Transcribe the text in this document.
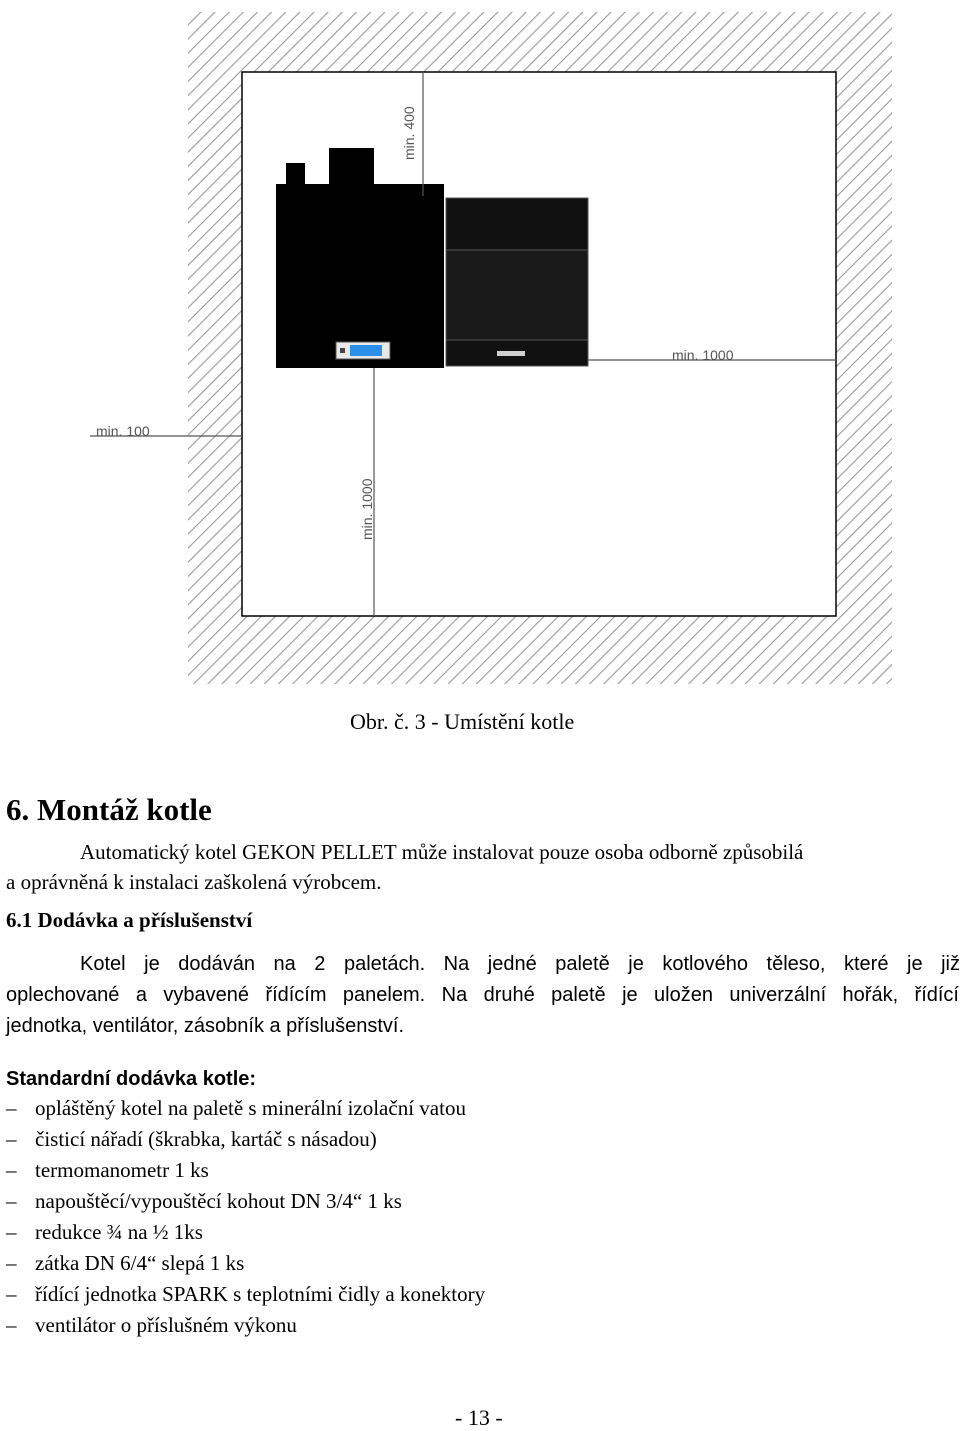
min. 400
min. 1000
min. 100
min. 1000
Obr. č. 3 - Umístění kotle
6. Montáž kotle
Automatický kotel GEKON PELLET může instalovat pouze osoba odborně způsobilá
a oprávněná k instalaci zaškolená výrobcem.
6.1 Dodávka a příslušenství
Kotel je dodáván na 2 paletách. Na jedné paletě je kotlového těleso, které je již
oplechované a vybavené řídícím panelem. Na druhé paletě je uložen univerzální hořák, řídící
jednotka, ventilátor, zásobník a příslušenství.
Standardní dodávka kotle:
– opláštěný kotel na paletě s minerální izolační vatou
– čisticí nářadí (škrabka, kartáč s násadou)
– termomanometr 1 ks
– napouštěcí/vypouštěcí kohout DN 3/4“ 1 ks
– redukce ¾ na ½ 1ks
– zátka DN 6/4“ slepá 1 ks
– řídící jednotka SPARK s teplotními čidly a konektory
– ventilátor o příslušném výkonu
- 13 -
